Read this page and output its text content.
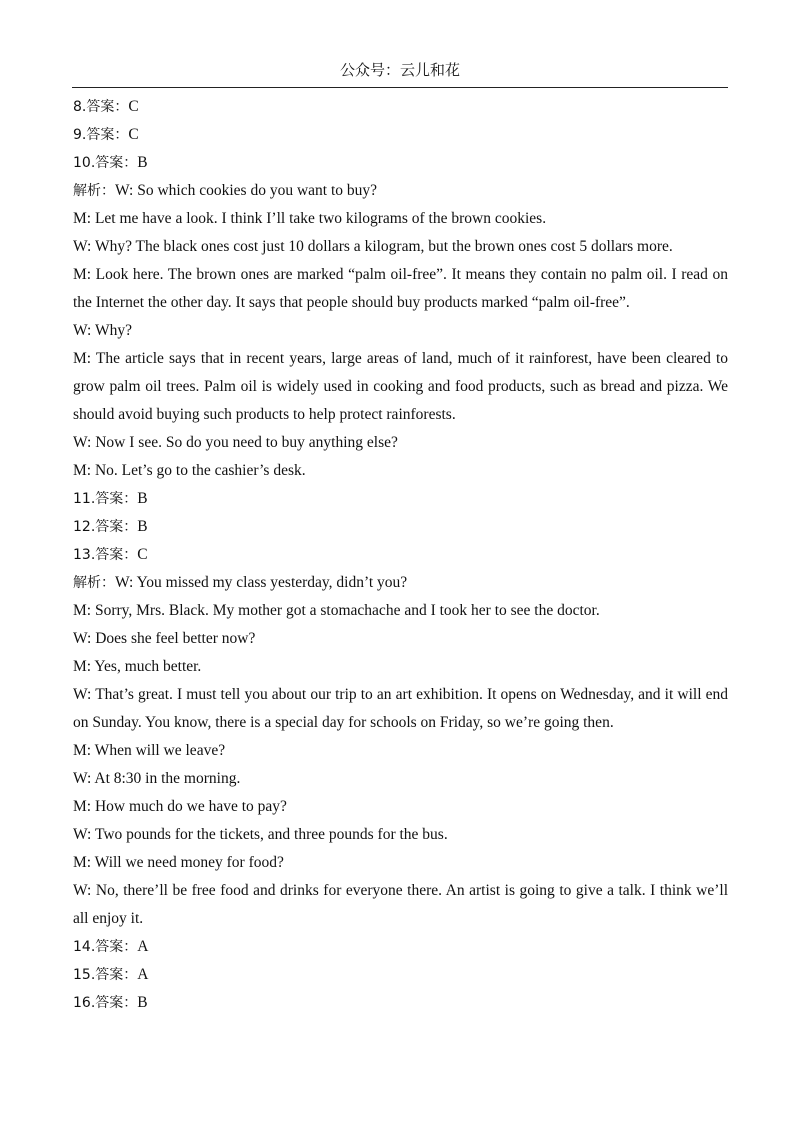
公众号：云儿和花

8.答案：C

9.答案：C

10.答案：B

解析：W: So which cookies do you want to buy?

M: Let me have a look. I think I’ll take two kilograms of the brown cookies.

W: Why? The black ones cost just 10 dollars a kilogram, but the brown ones cost 5 dollars more.

M: Look here. The brown ones are marked “palm oil-free”. It means they contain no palm oil. I read on the Internet the other day. It says that people should buy products marked “palm oil-free”.

W: Why?

M: The article says that in recent years, large areas of land, much of it rainforest, have been cleared to grow palm oil trees. Palm oil is widely used in cooking and food products, such as bread and pizza. We should avoid buying such products to help protect rainforests.

W: Now I see. So do you need to buy anything else?

M: No. Let’s go to the cashier’s desk.

11.答案：B

12.答案：B

13.答案：C

解析：W: You missed my class yesterday, didn’t you?

M: Sorry, Mrs. Black. My mother got a stomachache and I took her to see the doctor.

W: Does she feel better now?

M: Yes, much better.

W: That’s great. I must tell you about our trip to an art exhibition. It opens on Wednesday, and it will end on Sunday. You know, there is a special day for schools on Friday, so we’re going then.

M: When will we leave?

W: At 8:30 in the morning.

M: How much do we have to pay?

W: Two pounds for the tickets, and three pounds for the bus.

M: Will we need money for food?

W: No, there’ll be free food and drinks for everyone there. An artist is going to give a talk. I think we’ll all enjoy it.

14.答案：A

15.答案：A

16.答案：B
